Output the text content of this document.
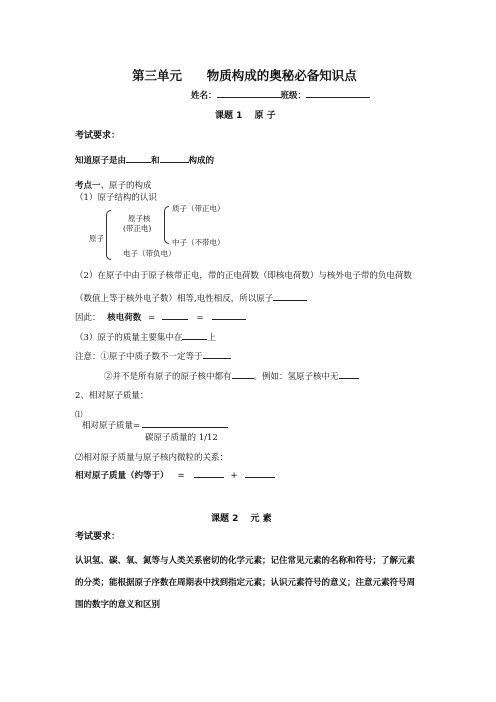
第三单元 物质构成的奥秘必备知识点
姓名：	班级：
课题 1　 原 子
考试要求：
知道原子是由	和	构成的
考点一、原子的构成
（1）原子结构的认识
原子
原子核
(带正电)
质子（带正电）
中子（不带电）
电子（带负电）
（2）在原子中由于原子核带正电，带的正电荷数（即核电荷数）与核外电子带的负电荷数
（数值上等于核外电子数）相等,电性相反，所以原子
因此： 核电荷数 =	=
（3）原子的质量主要集中在	上
注意：①原子中质子数不一定等于
②并不是所有原子的原子核中都有	。例如：氢原子核中无
2、相对原子质量：
⑴
相对原子质量=
碳原子质量的 1/12
⑵相对原子质量与原子核内微粒的关系：
相对原子质量（约等于） =	+
课题 2　 元 素
考试要求：
认识氢、碳、氧、氮等与人类关系密切的化学元素；记住常见元素的名称和符号；了解元素
的分类；能根据原子序数在周期表中找到指定元素；认识元素符号的意义；注意元素符号周
围的数字的意义和区别
